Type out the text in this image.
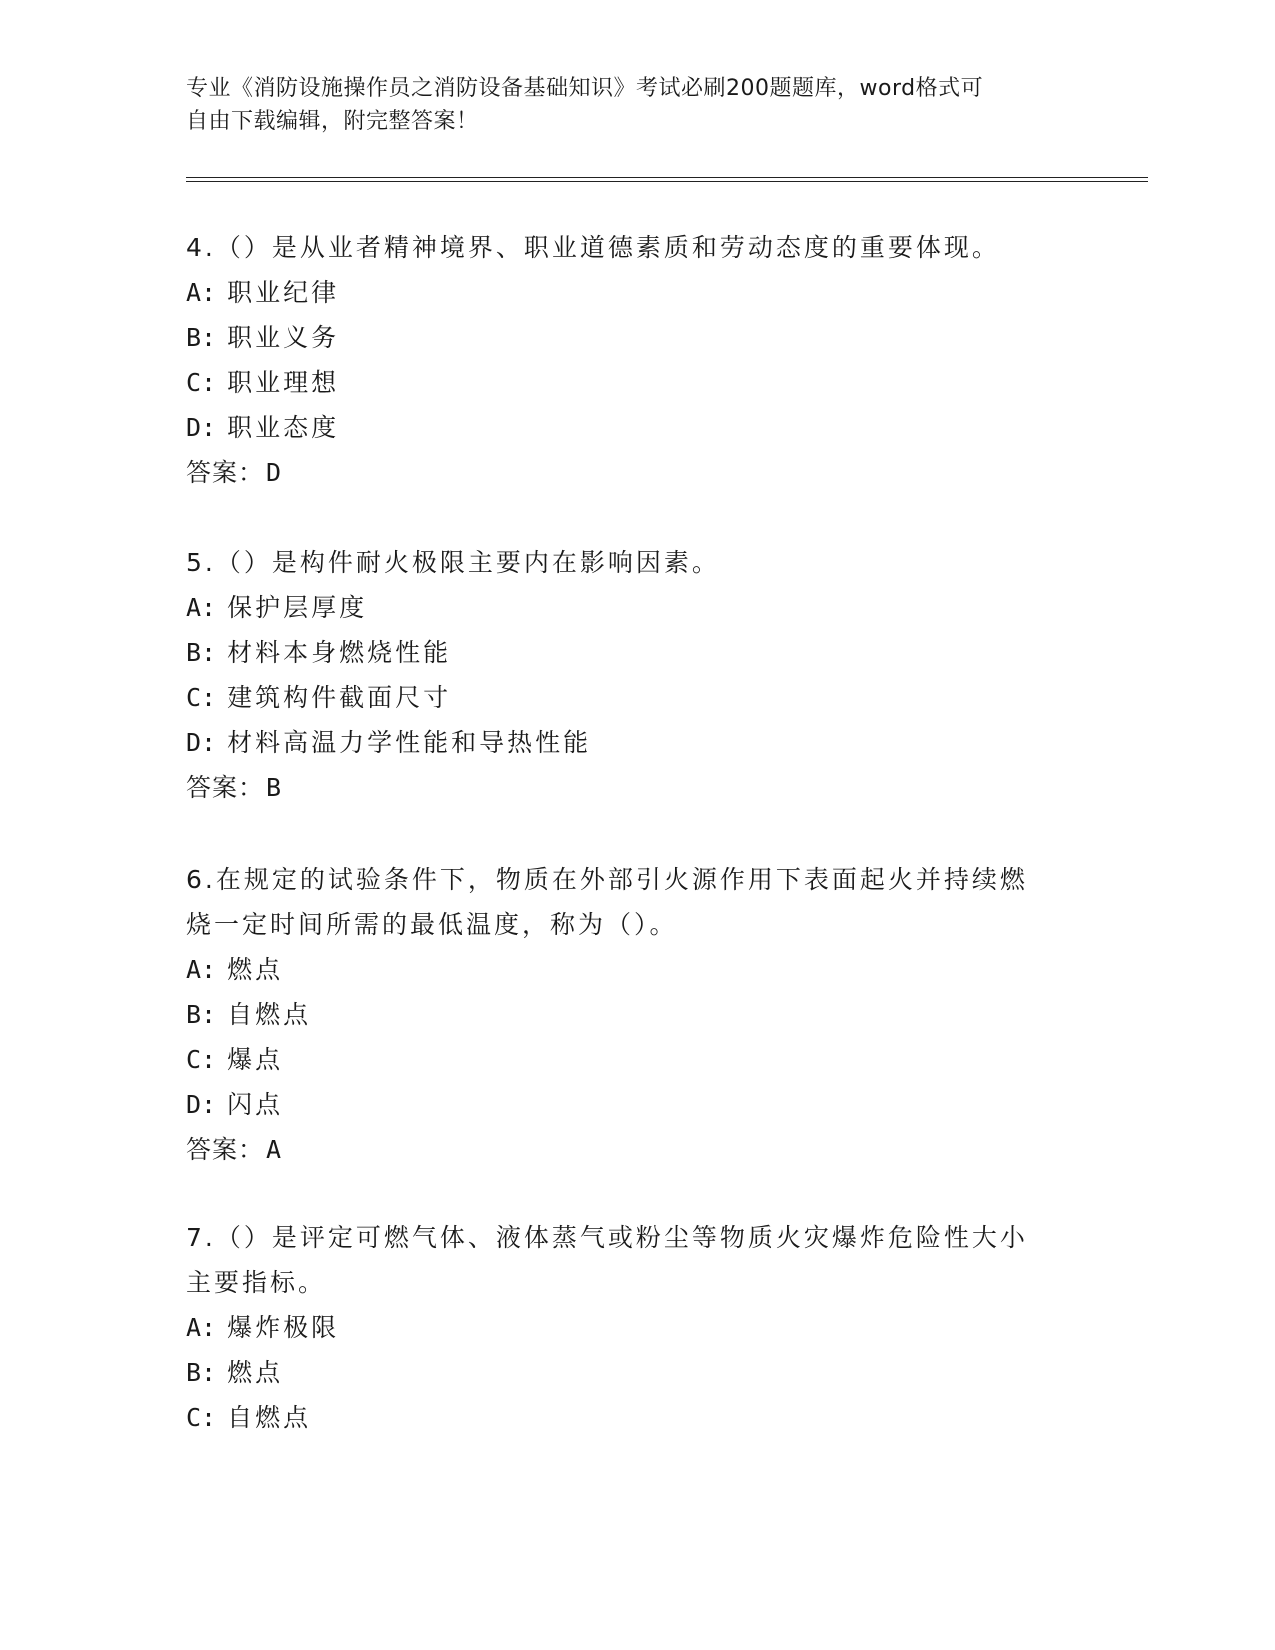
专业《消防设施操作员之消防设备基础知识》考试必刷200题题库，word格式可
自由下载编辑，附完整答案！

4.（）是从业者精神境界、职业道德素质和劳动态度的重要体现。

A: 职业纪律

B: 职业义务

C: 职业理想

D: 职业态度

答案：D

5.（）是构件耐火极限主要内在影响因素。

A: 保护层厚度

B: 材料本身燃烧性能

C: 建筑构件截面尺寸

D: 材料高温力学性能和导热性能

答案：B

6.在规定的试验条件下，物质在外部引火源作用下表面起火并持续燃

烧一定时间所需的最低温度，称为（）。

A: 燃点

B: 自燃点

C: 爆点

D: 闪点

答案：A

7.（）是评定可燃气体、液体蒸气或粉尘等物质火灾爆炸危险性大小

主要指标。

A: 爆炸极限

B: 燃点

C: 自燃点
